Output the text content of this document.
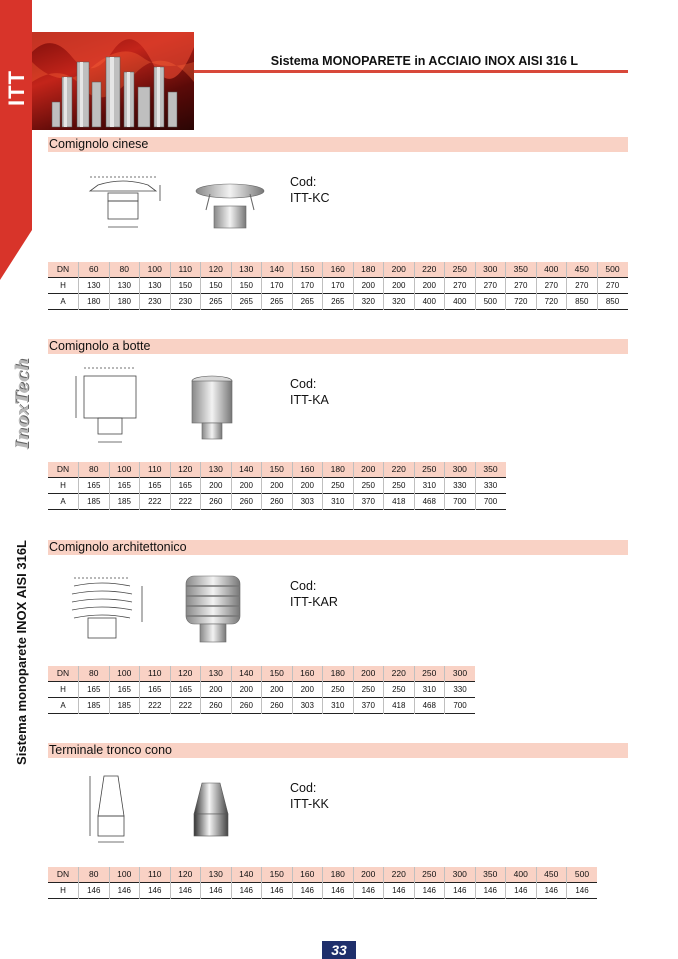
ITT
Sistema MONOPARETE in ACCIAIO INOX AISI 316 L
InoxTech
Sistema monoparete INOX AISI 316L
Comignolo cinese
Cod:
ITT-KC
DN	60	80	100	110	120	130	140	150	160	180	200	220	250	300	350	400	450	500
H	130	130	130	150	150	150	170	170	170	200	200	200	270	270	270	270	270	270
A	180	180	230	230	265	265	265	265	265	320	320	400	400	500	720	720	850	850
Comignolo a botte
Cod:
ITT-KA
DN	80	100	110	120	130	140	150	160	180	200	220	250	300	350
H	165	165	165	165	200	200	200	200	250	250	250	310	330	330
A	185	185	222	222	260	260	260	303	310	370	418	468	700	700
Comignolo architettonico
Cod:
ITT-KAR
DN	80	100	110	120	130	140	150	160	180	200	220	250	300
H	165	165	165	165	200	200	200	200	250	250	250	310	330
A	185	185	222	222	260	260	260	303	310	370	418	468	700
Terminale tronco cono
Cod:
ITT-KK
DN	80	100	110	120	130	140	150	160	180	200	220	250	300	350	400	450	500
H	146	146	146	146	146	146	146	146	146	146	146	146	146	146	146	146	146
33
